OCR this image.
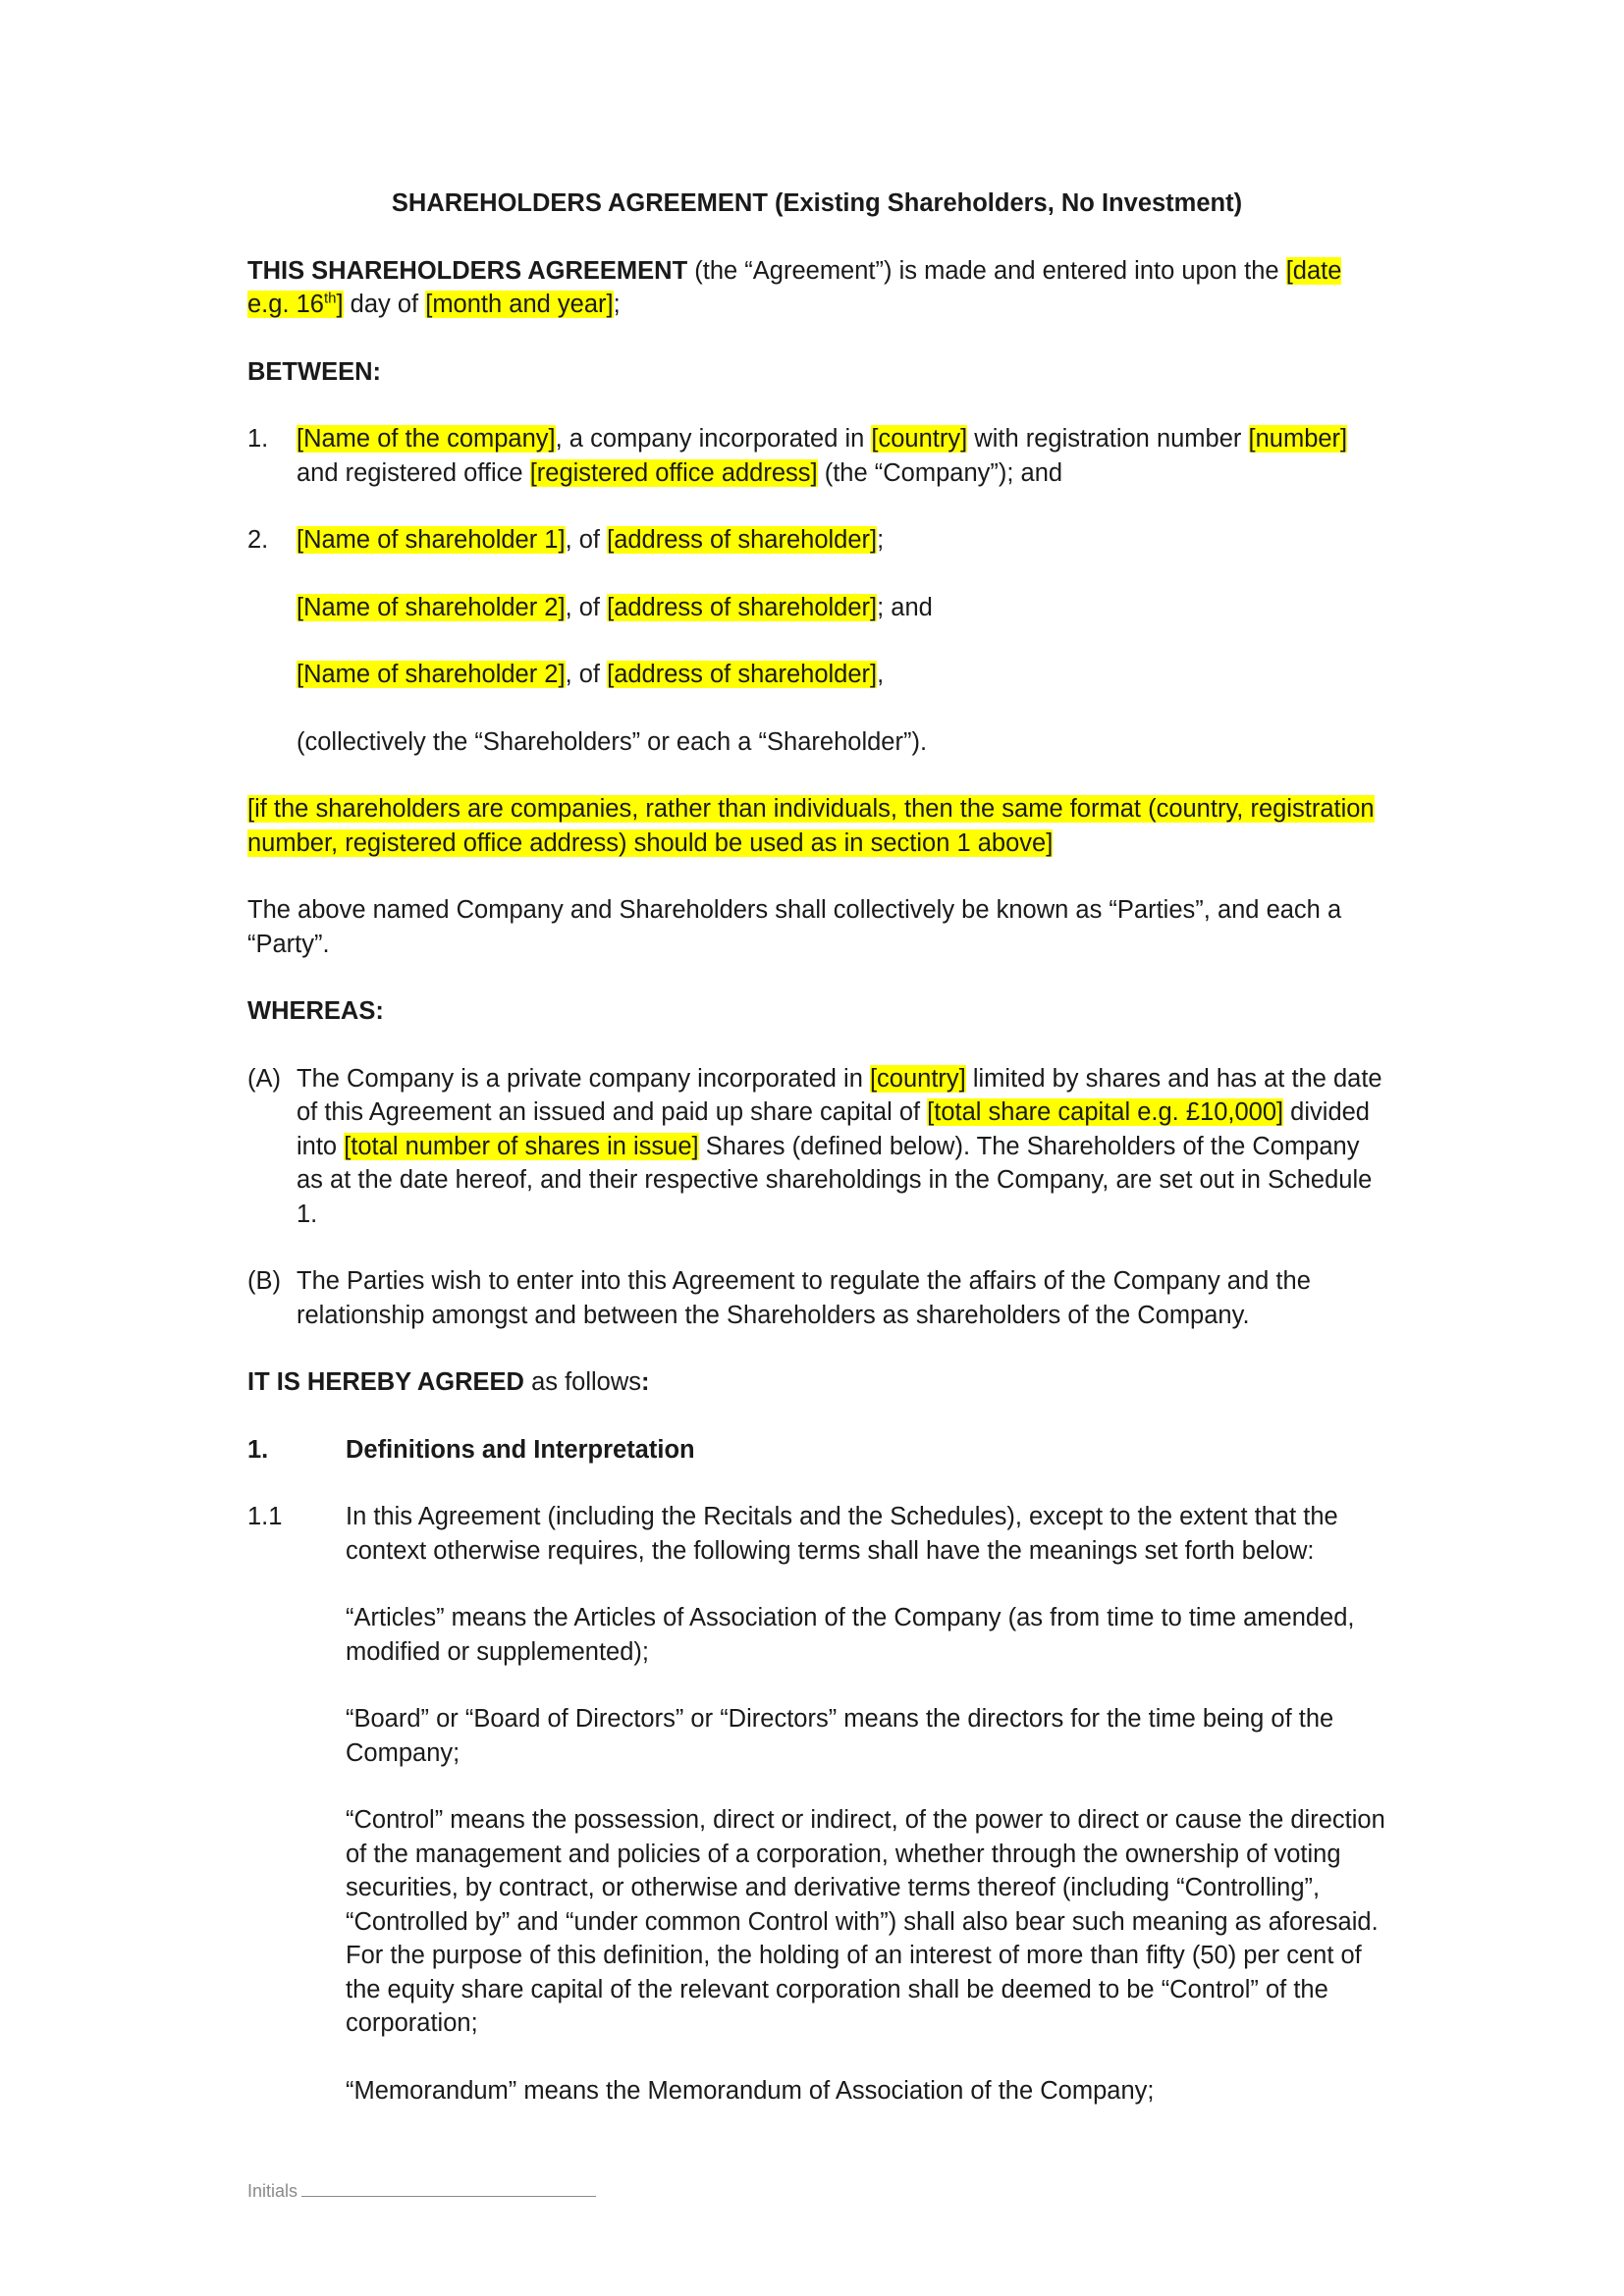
SHAREHOLDERS AGREEMENT (Existing Shareholders, No Investment)

THIS SHAREHOLDERS AGREEMENT (the “Agreement”) is made and entered into upon the [date e.g. 16th] day of [month and year];

BETWEEN:

1. [Name of the company], a company incorporated in [country] with registration number [number] and registered office [registered office address] (the “Company”); and
2. [Name of shareholder 1], of [address of shareholder];
[Name of shareholder 2], of [address of shareholder]; and
[Name of shareholder 2], of [address of shareholder],
(collectively the “Shareholders” or each a “Shareholder”).

[if the shareholders are companies, rather than individuals, then the same format (country, registration number, registered office address) should be used as in section 1 above]

The above named Company and Shareholders shall collectively be known as “Parties”, and each a “Party”.

WHEREAS:

(A) The Company is a private company incorporated in [country] limited by shares and has at the date of this Agreement an issued and paid up share capital of [total share capital e.g. £10,000] divided into [total number of shares in issue] Shares (defined below). The Shareholders of the Company as at the date hereof, and their respective shareholdings in the Company, are set out in Schedule 1.
(B) The Parties wish to enter into this Agreement to regulate the affairs of the Company and the relationship amongst and between the Shareholders as shareholders of the Company.

IT IS HEREBY AGREED as follows:

1.	Definitions and Interpretation
1.1	In this Agreement (including the Recitals and the Schedules), except to the extent that the context otherwise requires, the following terms shall have the meanings set forth below:
“Articles” means the Articles of Association of the Company (as from time to time amended, modified or supplemented);
“Board” or “Board of Directors” or “Directors” means the directors for the time being of the Company;
“Control” means the possession, direct or indirect, of the power to direct or cause the direction of the management and policies of a corporation, whether through the ownership of voting securities, by contract, or otherwise and derivative terms thereof (including “Controlling”, “Controlled by” and “under common Control with”) shall also bear such meaning as aforesaid. For the purpose of this definition, the holding of an interest of more than fifty (50) per cent of the equity share capital of the relevant corporation shall be deemed to be “Control” of the corporation;
“Memorandum” means the Memorandum of Association of the Company;
Initials
